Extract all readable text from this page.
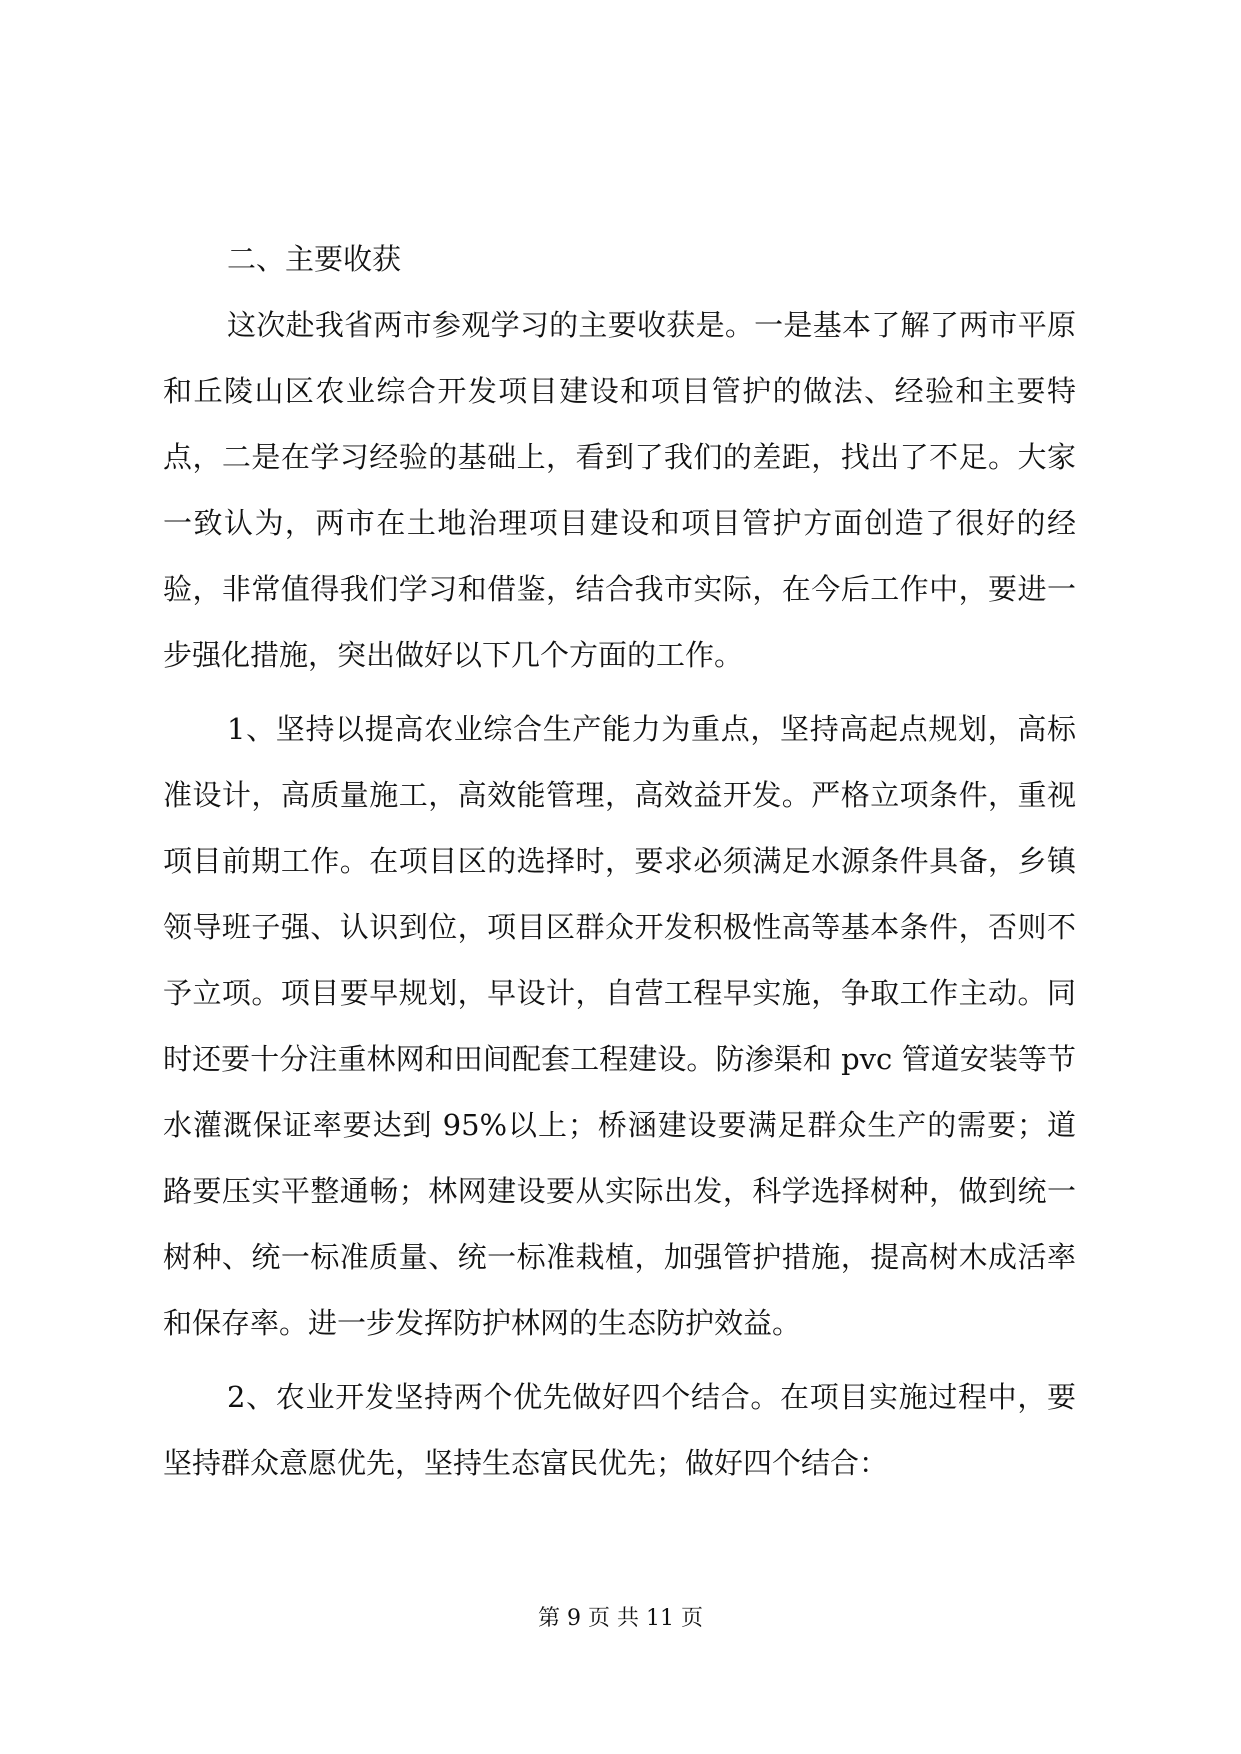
二、主要收获

这次赴我省两市参观学习的主要收获是。一是基本了解了两市平原和丘陵山区农业综合开发项目建设和项目管护的做法、经验和主要特点，二是在学习经验的基础上，看到了我们的差距，找出了不足。大家一致认为，两市在土地治理项目建设和项目管护方面创造了很好的经验，非常值得我们学习和借鉴，结合我市实际，在今后工作中，要进一步强化措施，突出做好以下几个方面的工作。

1、坚持以提高农业综合生产能力为重点，坚持高起点规划，高标准设计，高质量施工，高效能管理，高效益开发。严格立项条件，重视项目前期工作。在项目区的选择时，要求必须满足水源条件具备，乡镇领导班子强、认识到位，项目区群众开发积极性高等基本条件，否则不予立项。项目要早规划，早设计，自营工程早实施，争取工作主动。同时还要十分注重林网和田间配套工程建设。防渗渠和 pvc 管道安装等节水灌溉保证率要达到 95%以上；桥涵建设要满足群众生产的需要；道路要压实平整通畅；林网建设要从实际出发，科学选择树种，做到统一树种、统一标准质量、统一标准栽植，加强管护措施，提高树木成活率和保存率。进一步发挥防护林网的生态防护效益。

2、农业开发坚持两个优先做好四个结合。在项目实施过程中，要坚持群众意愿优先，坚持生态富民优先；做好四个结合：

第 9 页 共 11 页
